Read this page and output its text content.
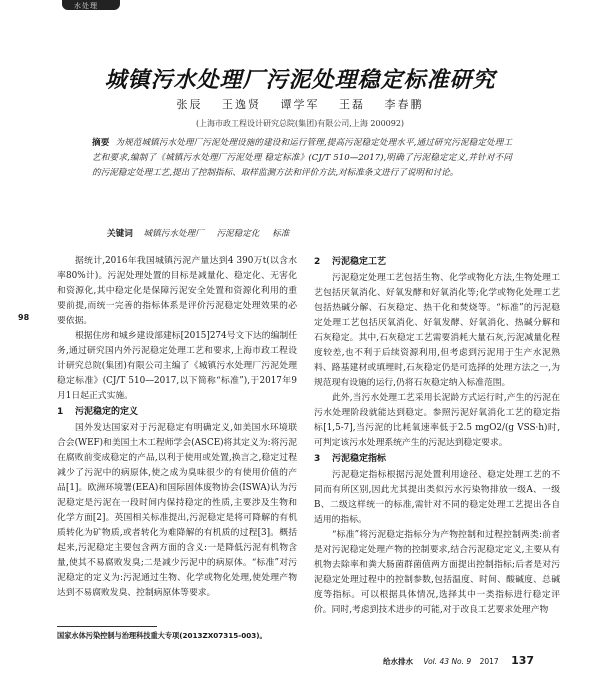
水处理
98
城镇污水处理厂污泥处理稳定标准研究
张辰 王逸贤 谭学军 王磊 李春鹏
(上海市政工程设计研究总院(集团)有限公司,上海 200092)
摘要 为规范城镇污水处理厂污泥处理设施的建设和运行管理,提高污泥稳定处理水平,通过研究污泥稳定处理工艺和要求,编制了《城镇污水处理厂污泥处理 稳定标准》(CJ/T 510—2017),明确了污泥稳定定义,并针对不同的污泥稳定处理工艺,提出了控制指标、取样监测方法和评价方法,对标准条文进行了说明和讨论。
关键词 城镇污水处理厂 污泥稳定化 标准

据统计,2016年我国城镇污泥产量达到4 390万t(以含水率80%计)。污泥处理处置的目标是减量化、稳定化、无害化和资源化,其中稳定化是保障污泥安全处置和资源化利用的重要前提,而统一完善的指标体系是评价污泥稳定处理效果的必要依据。

根据住房和城乡建设部建标[2015]274号文下达的编制任务,通过研究国内外污泥稳定处理工艺和要求,上海市政工程设计研究总院(集团)有限公司主编了《城镇污水处理厂污泥处理 稳定标准》(CJ/T 510—2017,以下简称“标准”),于2017年9月1日起正式实施。

1 污泥稳定的定义

国外发达国家对于污泥稳定有明确定义,如美国水环境联合会(WEF)和美国土木工程师学会(ASCE)将其定义为:将污泥在腐败前变成稳定的产品,以利于使用或处置,换言之,稳定过程减少了污泥中的病原体,使之成为臭味很少的有使用价值的产品[1]。欧洲环境署(EEA)和国际固体废物协会(ISWA)认为污泥稳定是污泥在一段时间内保持稳定的性质,主要涉及生物和化学方面[2]。英国相关标准提出,污泥稳定是将可降解的有机质转化为矿物质,或者转化为难降解的有机质的过程[3]。概括起来,污泥稳定主要包含两方面的含义:一是降低污泥有机物含量,使其不易腐败发臭;二是减少污泥中的病原体。“标准”对污泥稳定的定义为:污泥通过生物、化学或物化处理,使处理产物达到不易腐败发臭、控制病原体等要求。

2 污泥稳定工艺

污泥稳定处理工艺包括生物、化学或物化方法,生物处理工艺包括厌氧消化、好氧发酵和好氧消化等;化学或物化处理工艺包括热碱分解、石灰稳定、热干化和焚烧等。“标准”的污泥稳定处理工艺包括厌氧消化、好氧发酵、好氧消化、热碱分解和石灰稳定。其中,石灰稳定工艺需要消耗大量石灰,污泥减量化程度较差,也不利于后续资源利用,但考虑到污泥用于生产水泥熟料、路基建材或填埋时,石灰稳定仍是可选择的处理方法之一,为规范现有设施的运行,仍将石灰稳定纳入标准范围。

此外,当污水处理工艺采用长泥龄方式运行时,产生的污泥在污水处理阶段就能达到稳定。参照污泥好氧消化工艺的稳定指标[1,5-7],当污泥的比耗氧速率低于2.5 mgO2/(g VSS·h)时,可判定该污水处理系统产生的污泥达到稳定要求。

3 污泥稳定指标

污泥稳定指标根据污泥处置利用途径、稳定处理工艺的不同而有所区别,因此尤其提出类似污水污染物排放一级A、一级B、二级这样统一的标准,需针对不同的稳定处理工艺提出各自适用的指标。

“标准”将污泥稳定指标分为产物控制和过程控制两类:前者是对污泥稳定处理产物的控制要求,结合污泥稳定定义,主要从有机物去除率和粪大肠菌群菌值两方面提出控制指标;后者是对污泥稳定处理过程中的控制参数,包括温度、时间、酸碱度、总碱度等指标。可以根据具体情况,选择其中一类指标进行稳定评价。同时,考虑到技术进步的可能,对于改良工艺要求处理产物

国家水体污染控制与治理科技重大专项(2013ZX07315-003)。
给水排水 Vol. 43 No. 9 2017 137
